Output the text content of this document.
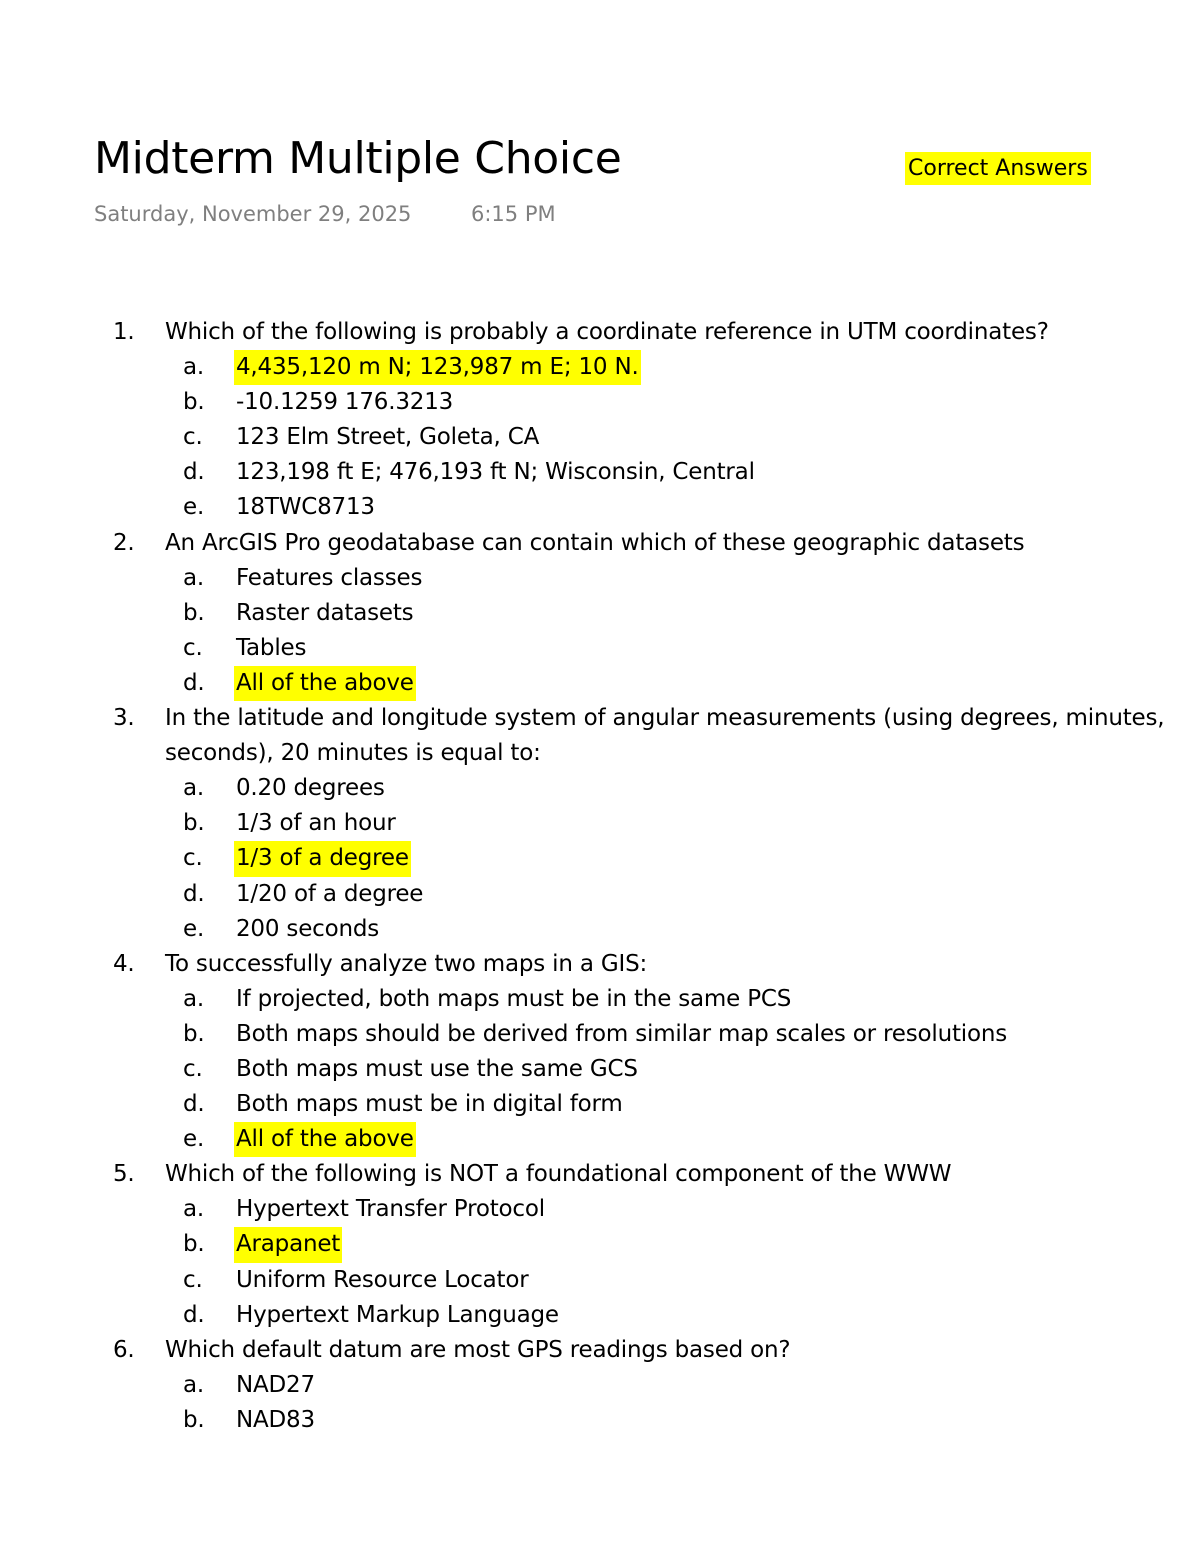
Midterm Multiple Choice	Correct Answers
Saturday, November 29, 2025	6:15 PM
1. Which of the following is probably a coordinate reference in UTM coordinates?
a.	4,435,120 m N; 123,987 m E; 10 N.
b. -10.1259 176.3213
c.	123 Elm Street, Goleta, CA
d. 123,198 ft E; 476,193 ft N; Wisconsin, Central
e.	18TWC8713
2. An ArcGIS Pro geodatabase can contain which of these geographic datasets
a.	Features classes
b. Raster datasets
c.	Tables
d. All of the above
3. In the latitude and longitude system of angular measurements (using degrees, minutes, seconds), 20 minutes is equal to:
a.	0.20 degrees
b. 1/3 of an hour
c.	1/3 of a degree
d. 1/20 of a degree
e.	200 seconds
4. To successfully analyze two maps in a GIS:
a.	If projected, both maps must be in the same PCS
b. Both maps should be derived from similar map scales or resolutions
c.	Both maps must use the same GCS
d. Both maps must be in digital form
e.	All of the above
5. Which of the following is NOT a foundational component of the WWW
a.	Hypertext Transfer Protocol
b. Arapanet
c.	Uniform Resource Locator
d. Hypertext Markup Language
6. Which default datum are most GPS readings based on?
a.	NAD27
b. NAD83
